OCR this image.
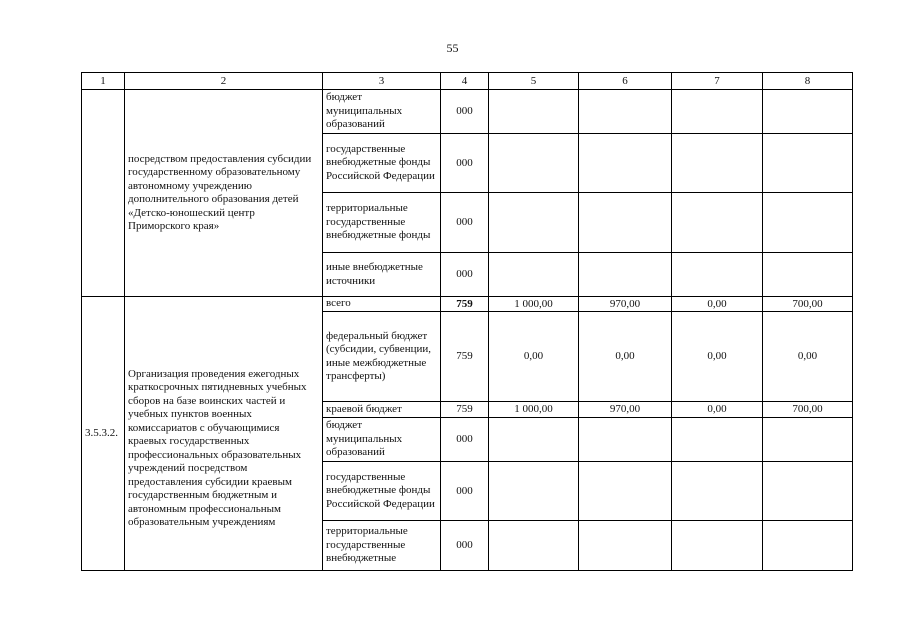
55
1	2	3	4	5	6	7	8
	посредством предоставления субсидии государственному образовательному автономному учреждению дополнительного образования детей «Детско-юношеский центр Приморского края»	бюджет муниципальных образований	000				
		государственные внебюджетные фонды Российской Федерации	000				
		территориальные государственные внебюджетные фонды	000				
		иные внебюджетные источники	000				
3.5.3.2.	Организация проведения ежегодных краткосрочных пятидневных учебных сборов на базе воинских частей и учебных пунктов военных комиссариатов с обучающимися краевых государственных профессиональных образовательных учреждений посредством предоставления субсидии краевым государственным бюджетным и автономным профессиональным образовательным учреждениям	всего	759	1 000,00	970,00	0,00	700,00
		федеральный бюджет (субсидии, субвенции, иные межбюджетные трансферты)	759	0,00	0,00	0,00	0,00
		краевой бюджет	759	1 000,00	970,00	0,00	700,00
		бюджет муниципальных образований	000				
		государственные внебюджетные фонды Российской Федерации	000				
		территориальные государственные внебюджетные	000				
